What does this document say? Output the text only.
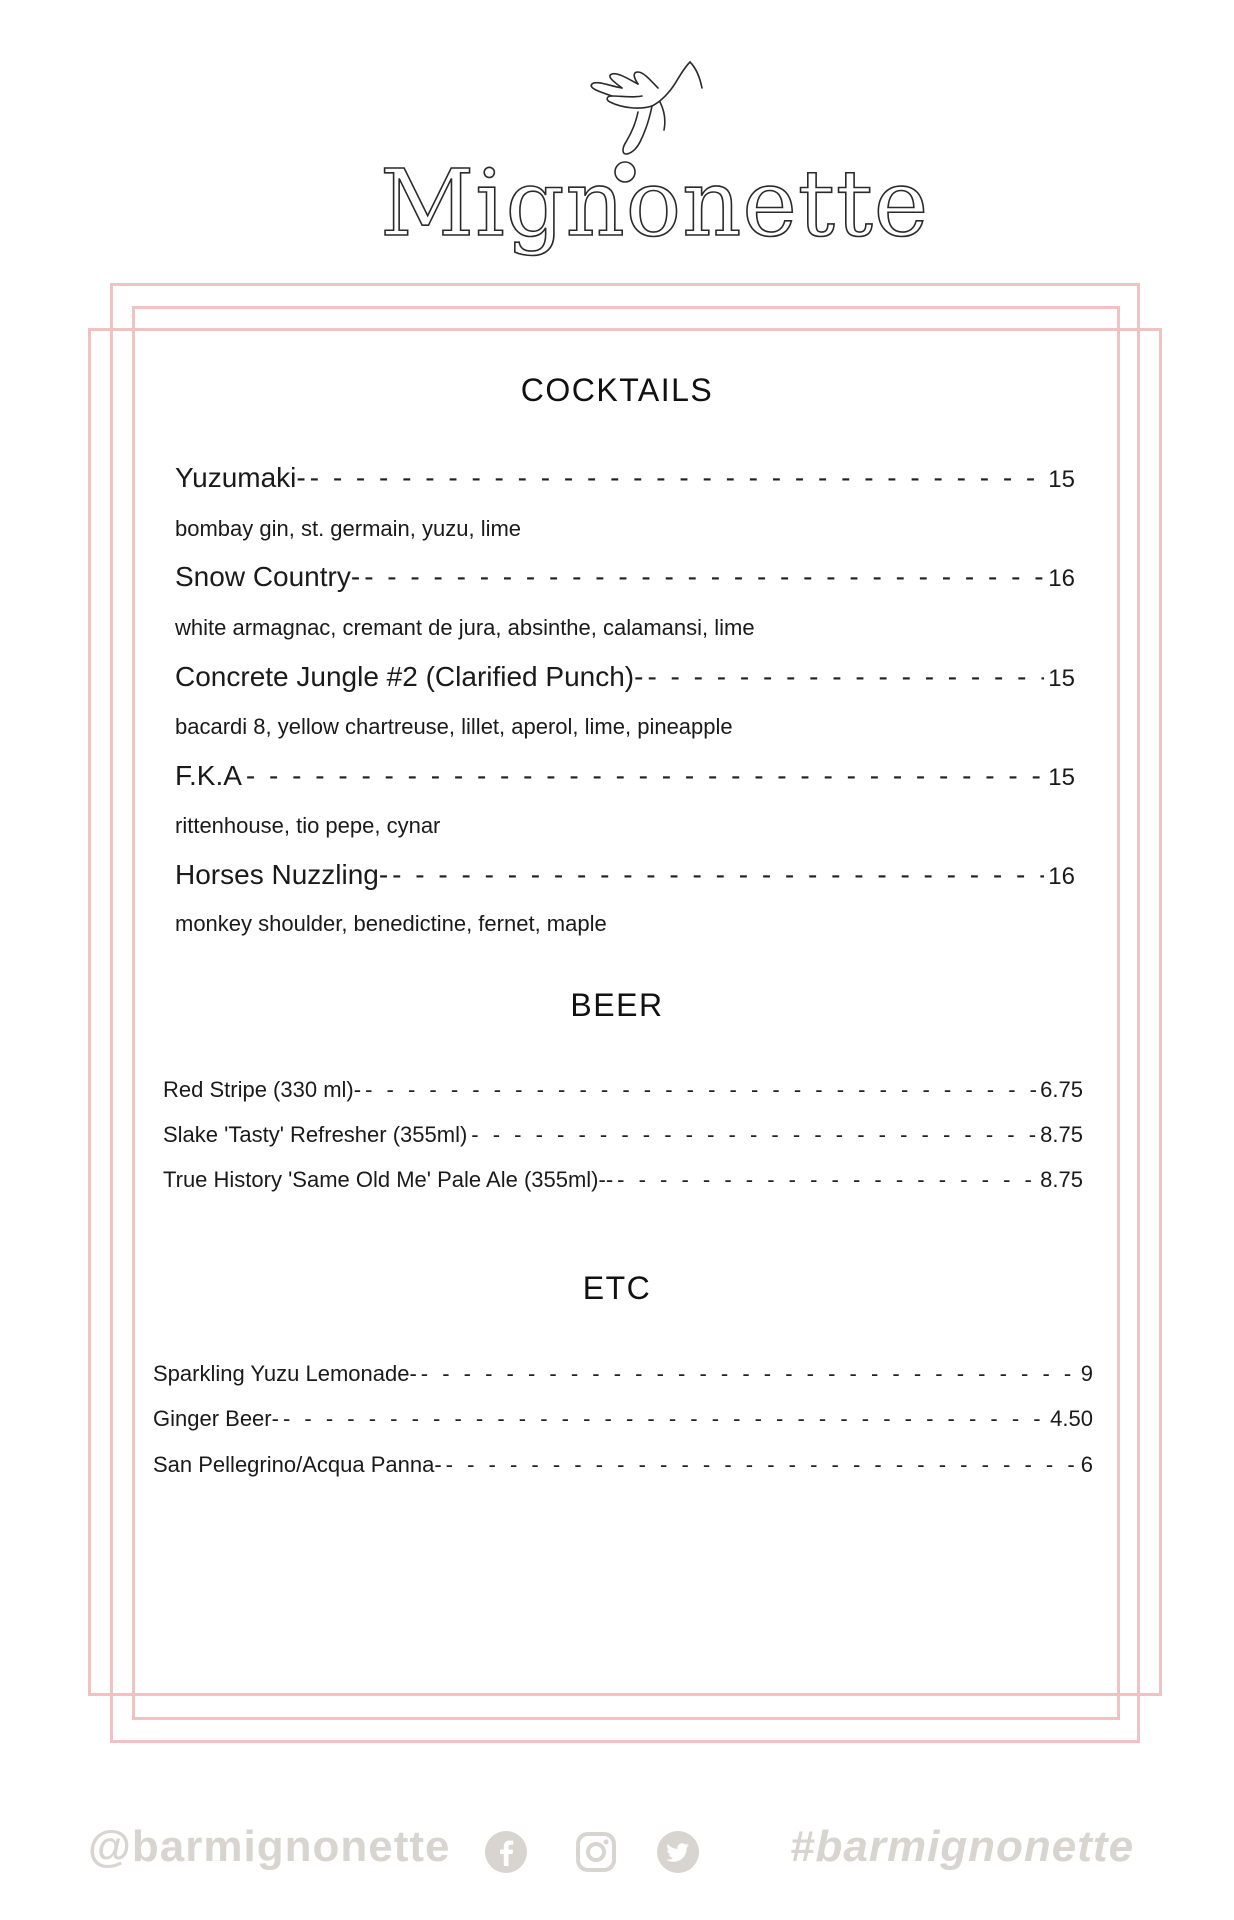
Mignonette
COCKTAILS
Yuzumaki- - - -	15
bombay gin, st. germain, yuzu, lime
Snow Country- - - -	16
white armagnac, cremant de jura, absinthe, calamansi, lime
Concrete Jungle #2 (Clarified Punch)- - - -	15
bacardi 8, yellow chartreuse, lillet, aperol, lime, pineapple
F.K.A - - -	15
rittenhouse, tio pepe, cynar
Horses Nuzzling- - - -	16
monkey shoulder, benedictine, fernet, maple
BEER
Red Stripe (330 ml)- - - -	6.75
Slake 'Tasty' Refresher (355ml) - - -	8.75
True History 'Same Old Me' Pale Ale (355ml)-- - - -	8.75
ETC
Sparkling Yuzu Lemonade- - - -	9
Ginger Beer- - - -	4.50
San Pellegrino/Acqua Panna- - - -	6
@barmignonette	#barmignonette
